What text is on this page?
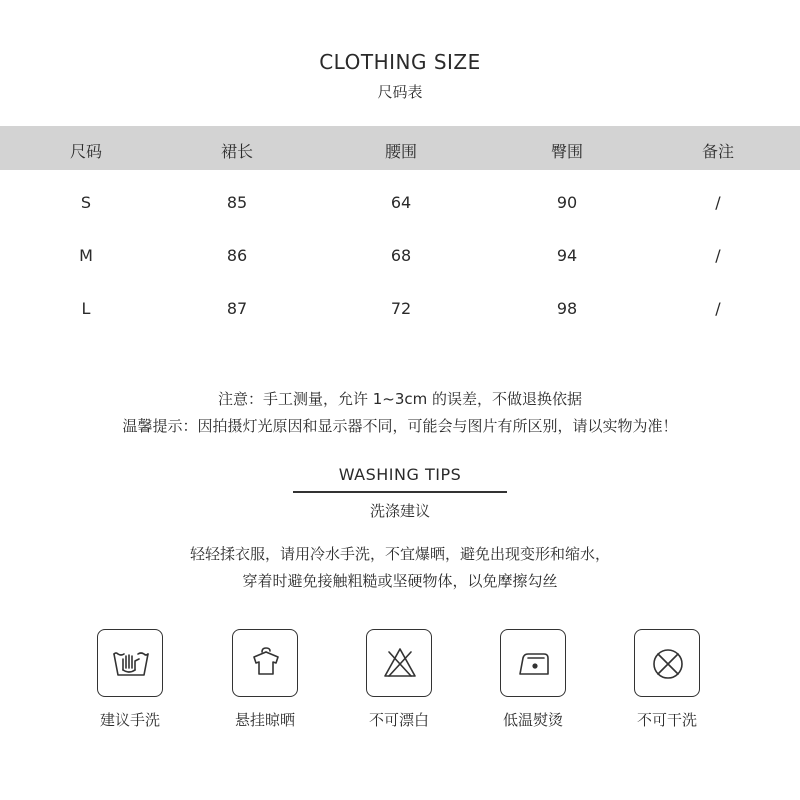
CLOTHING SIZE
尺码表
尺码	裙长	腰围	臀围	备注
S	85	64	90	/
M	86	68	94	/
L	87	72	98	/
注意：手工测量，允许 1~3cm 的误差，不做退换依据
温馨提示：因拍摄灯光原因和显示器不同，可能会与图片有所区别，请以实物为准！
WASHING TIPS
洗涤建议
轻轻揉衣服，请用冷水手洗，不宜爆晒，避免出现变形和缩水，
穿着时避免接触粗糙或坚硬物体，以免摩擦勾丝
建议手洗	悬挂晾晒	不可漂白	低温熨烫	不可干洗
